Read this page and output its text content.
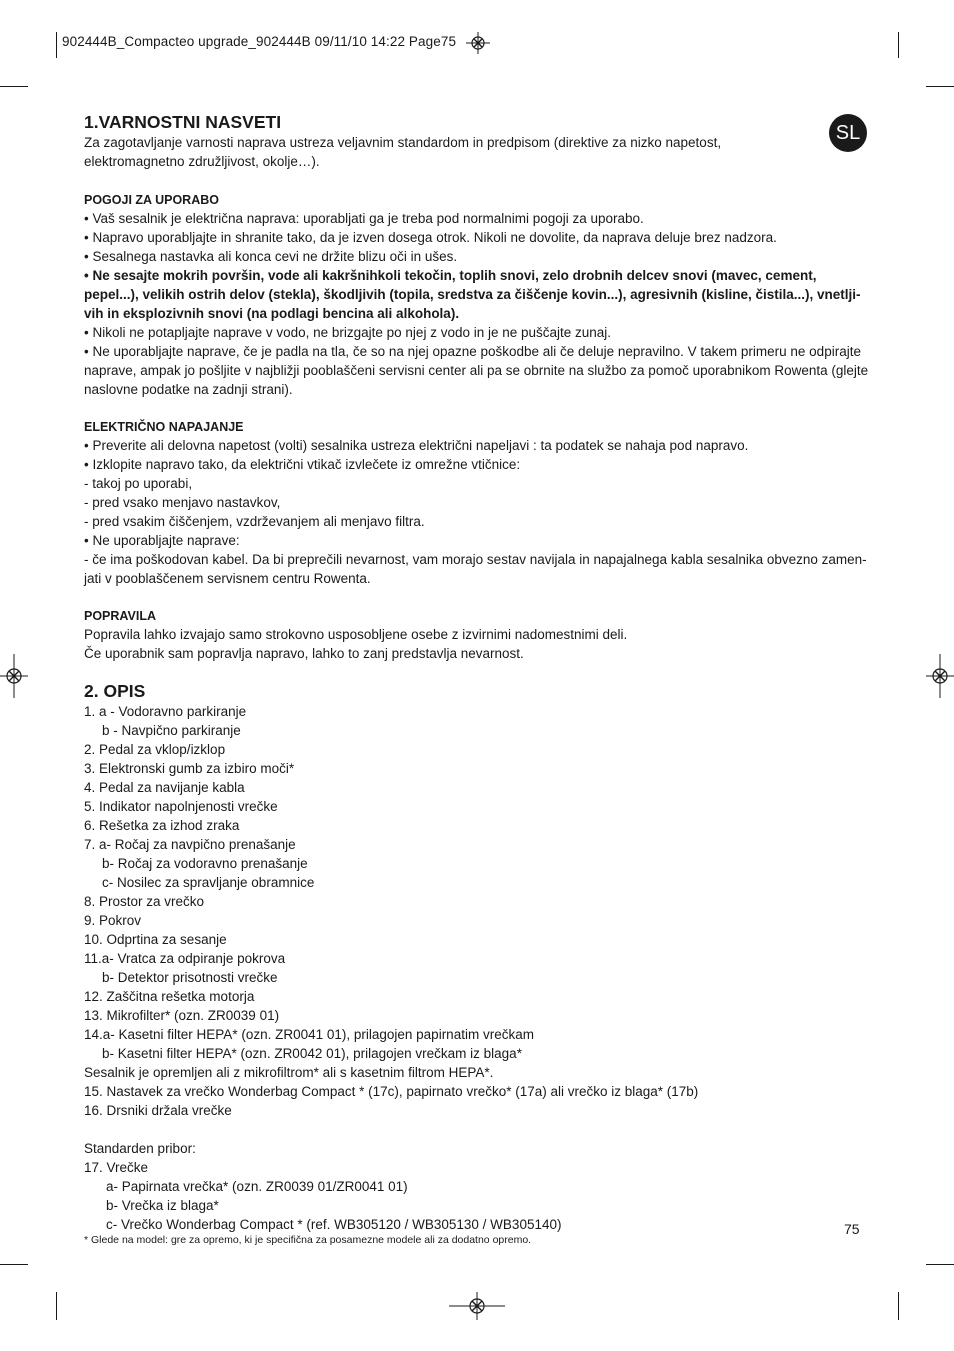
902444B_Compacteo upgrade_902444B 09/11/10 14:22 Page75
SL

1.VARNOSTNI NASVETI

Za zagotavljanje varnosti naprava ustreza veljavnim standardom in predpisom (direktive za nizko napetost,

elektromagnetno združljivost, okolje…).

POGOJI ZA UPORABO

• Vaš sesalnik je električna naprava: uporabljati ga je treba pod normalnimi pogoji za uporabo.

• Napravo uporabljajte in shranite tako, da je izven dosega otrok. Nikoli ne dovolite, da naprava deluje brez nadzora.

• Sesalnega nastavka ali konca cevi ne držite blizu oči in ušes.

• Ne sesajte mokrih površin, vode ali kakršnihkoli tekočin, toplih snovi, zelo drobnih delcev snovi (mavec, cement,

pepel...), velikih ostrih delov (stekla), škodljivih (topila, sredstva za čiščenje kovin...), agresivnih (kisline, čistila...), vnetlji-

vih in eksplozivnih snovi (na podlagi bencina ali alkohola).

• Nikoli ne potapljajte naprave v vodo, ne brizgajte po njej z vodo in je ne puščajte zunaj.

• Ne uporabljajte naprave, če je padla na tla, če so na njej opazne poškodbe ali če deluje nepravilno. V takem primeru ne odpirajte

naprave, ampak jo pošljite v najbližji pooblaščeni servisni center ali pa se obrnite na službo za pomoč uporabnikom Rowenta (glejte

naslovne podatke na zadnji strani).

ELEKTRIČNO NAPAJANJE

• Preverite ali delovna napetost (volti) sesalnika ustreza električni napeljavi : ta podatek se nahaja pod napravo.

• Izklopite napravo tako, da električni vtikač izvlečete iz omrežne vtičnice:

- takoj po uporabi,

- pred vsako menjavo nastavkov,

- pred vsakim čiščenjem, vzdrževanjem ali menjavo filtra.

• Ne uporabljajte naprave:

- če ima poškodovan kabel. Da bi preprečili nevarnost, vam morajo sestav navijala in napajalnega kabla sesalnika obvezno zamen-

jati v pooblaščenem servisnem centru Rowenta.

POPRAVILA

Popravila lahko izvajajo samo strokovno usposobljene osebe z izvirnimi nadomestnimi deli.

Če uporabnik sam popravlja napravo, lahko to zanj predstavlja nevarnost.

2. OPIS

1. a - Vodoravno parkiranje

b - Navpično parkiranje

2. Pedal za vklop/izklop

3. Elektronski gumb za izbiro moči*

4. Pedal za navijanje kabla

5. Indikator napolnjenosti vrečke

6. Rešetka za izhod zraka

7. a- Ročaj za navpično prenašanje

b- Ročaj za vodoravno prenašanje

c- Nosilec za spravljanje obramnice

8. Prostor za vrečko

9. Pokrov

10. Odprtina za sesanje

11.a- Vratca za odpiranje pokrova

b- Detektor prisotnosti vrečke

12. Zaščitna rešetka motorja

13. Mikrofilter* (ozn. ZR0039 01)

14.a- Kasetni filter HEPA* (ozn. ZR0041 01), prilagojen papirnatim vrečkam

b- Kasetni filter HEPA* (ozn. ZR0042 01), prilagojen vrečkam iz blaga*

Sesalnik je opremljen ali z mikrofiltrom* ali s kasetnim filtrom HEPA*.

15. Nastavek za vrečko Wonderbag Compact * (17c), papirnato vrečko* (17a) ali vrečko iz blaga* (17b)

16. Drsniki držala vrečke

Standarden pribor:

17. Vrečke

a- Papirnata vrečka* (ozn. ZR0039 01/ZR0041 01)

b- Vrečka iz blaga*

c- Vrečko Wonderbag Compact * (ref. WB305120 / WB305130 / WB305140)

* Glede na model: gre za opremo, ki je specifična za posamezne modele ali za dodatno opremo.
75
